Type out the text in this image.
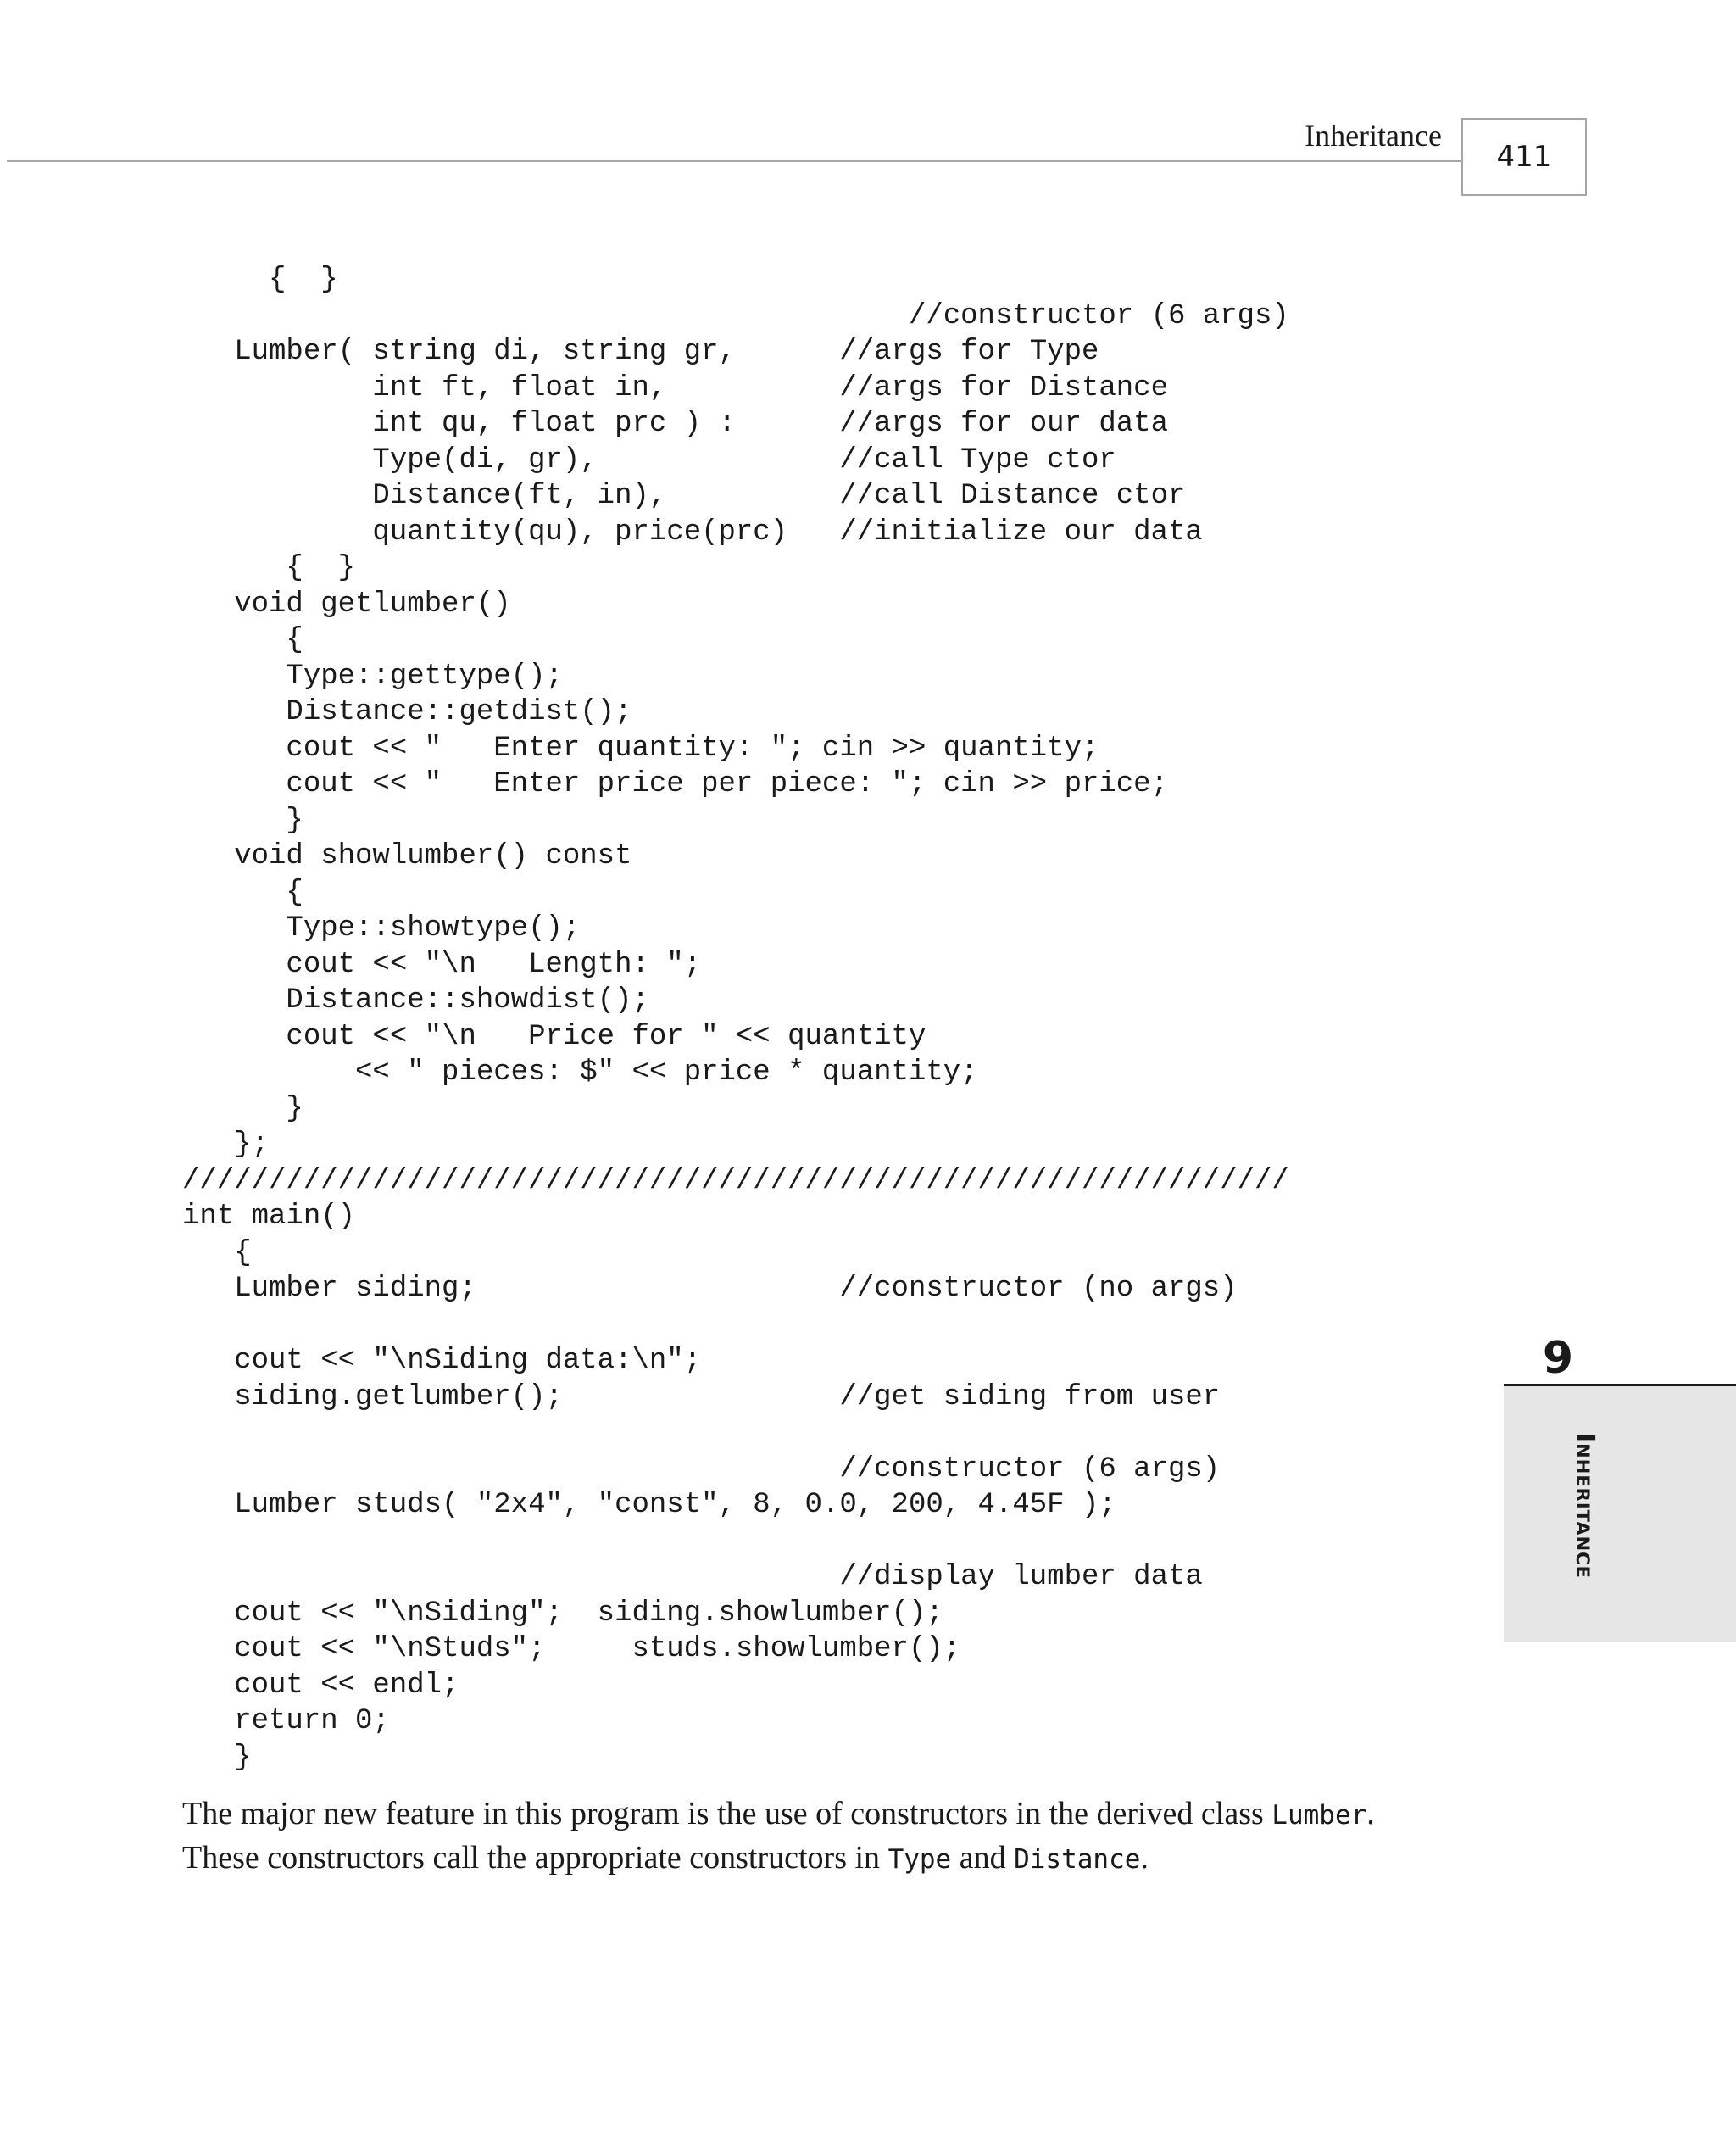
Inheritance
411
{  }
//constructor (6 args)
Lumber( string di, string gr,      //args for Type
int ft, float in,          //args for Distance
int qu, float prc ) :      //args for our data
Type(di, gr),              //call Type ctor
Distance(ft, in),          //call Distance ctor
quantity(qu), price(prc)   //initialize our data
{  }
void getlumber()
{
Type::gettype();
Distance::getdist();
cout << "   Enter quantity: "; cin >> quantity;
cout << "   Enter price per piece: "; cin >> price;
}
void showlumber() const
{
Type::showtype();
cout << "\n   Length: ";
Distance::showdist();
cout << "\n   Price for " << quantity
<< " pieces: $" << price * quantity;
}
};
////////////////////////////////////////////////////////////////
int main()
{
Lumber siding;                     //constructor (no args)
cout << "\nSiding data:\n";
siding.getlumber();                //get siding from user
//constructor (6 args)
Lumber studs( "2x4", "const", 8, 0.0, 200, 4.45F );
//display lumber data
cout << "\nSiding";  siding.showlumber();
cout << "\nStuds";     studs.showlumber();
cout << endl;
return 0;
}

The major new feature in this program is the use of constructors in the derived class Lumber. These constructors call the appropriate constructors in Type and Distance.

9
Inheritance
